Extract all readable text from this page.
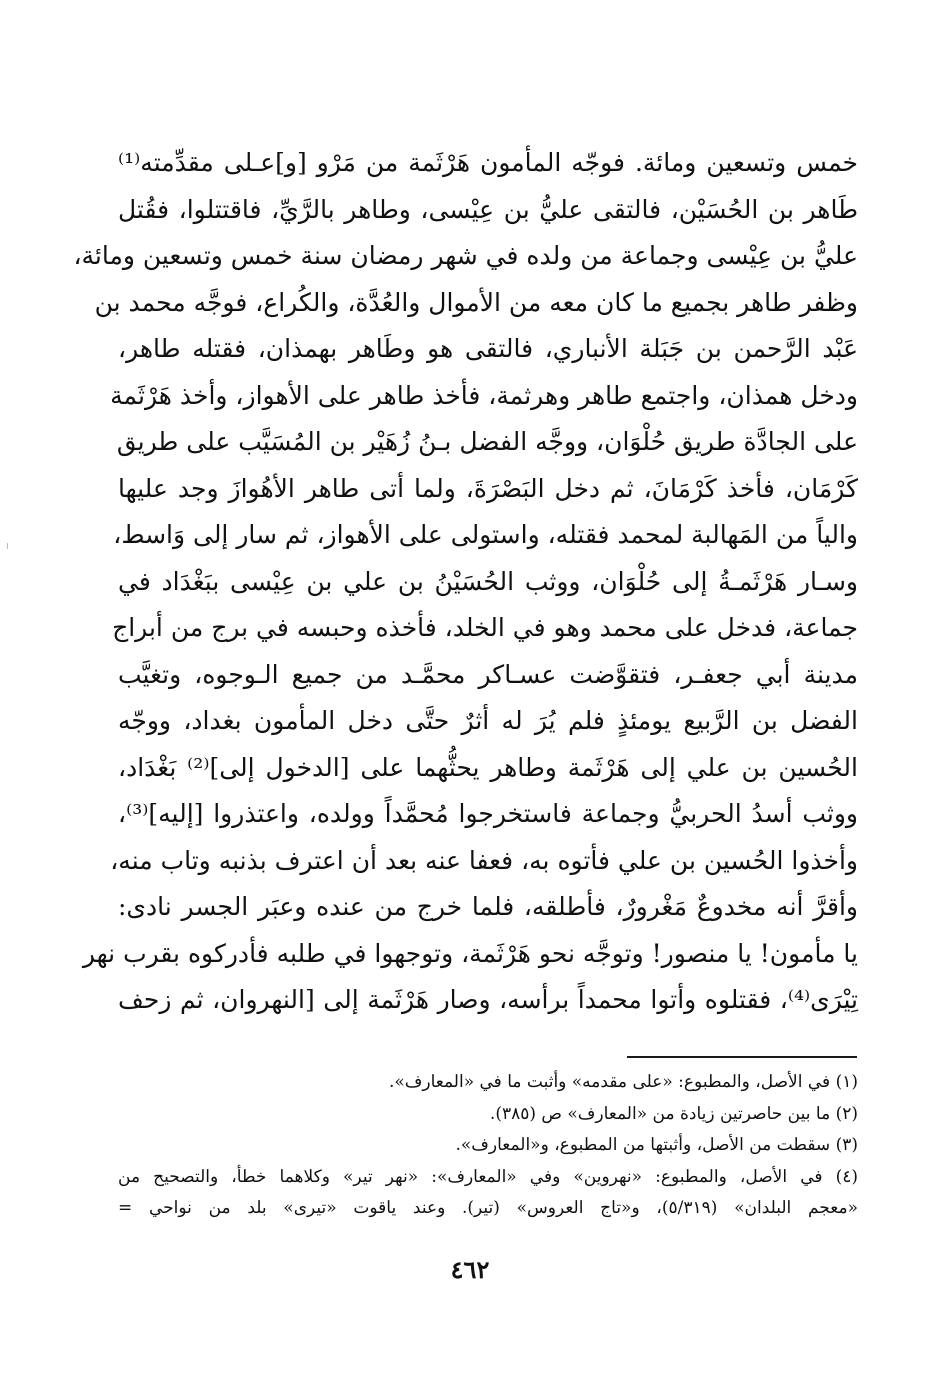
خمس وتسعين ومائة. فوجّه المأمون هَرْثَمة من مَرْو [و]عـلى مقدِّمته⁽¹⁾
طَاهر بن الحُسَيْن، فالتقى عليُّ بن عِيْسى، وطاهر بالرَّيِّ، فاقتتلوا، فقُتل
عليُّ بن عِيْسى وجماعة من ولده في شهر رمضان سنة خمس وتسعين ومائة،
وظفر طاهر بجميع ما كان معه من الأموال والعُدَّة، والكُراع، فوجَّه محمد بن
عَبْد الرَّحمن بن جَبَلة الأنباري، فالتقى هو وطَاهر بهمذان، فقتله طاهر،
ودخل همذان، واجتمع طاهر وهرثمة، فأخذ طاهر على الأهواز، وأخذ هَرْثَمة
على الجادَّة طريق حُلْوَان، ووجَّه الفضل بـنُ زُهَيْر بن المُسَيَّب على طريق
كَرْمَان، فأخذ كَرْمَانَ، ثم دخل البَصْرَةَ، ولما أتى طاهر الأهُوازَ وجد عليها
والياً من المَهالبة لمحمد فقتله، واستولى على الأهواز، ثم سار إلى وَاسط،
وسـار هَرْثَمـةُ إلى حُلْوَان، ووثب الحُسَيْنُ بن علي بن عِيْسى ببَغْدَاد في
جماعة، فدخل على محمد وهو في الخلد، فأخذه وحبسه في برج من أبراج
مدينة أبي جعفـر، فتقوَّضت عسـاكر محمَّـد من جميع الـوجوه، وتغيَّب
الفضل بن الرَّبيع يومئذٍ فلم يُرَ له أثرٌ حتَّى دخل المأمون بغداد، ووجّه
الحُسين بن علي إلى هَرْثَمة وطاهر يحثُّهما على [الدخول إلى]⁽²⁾ بَغْدَاد،
ووثب أسدُ الحربيُّ وجماعة فاستخرجوا مُحمَّداً وولده، واعتذروا [إليه]⁽³⁾،
وأخذوا الحُسين بن علي فأتوه به، فعفا عنه بعد أن اعترف بذنبه وتاب منه،
وأقرَّ أنه مخدوعٌ مَغْرورٌ، فأطلقه، فلما خرج من عنده وعبَر الجسر نادى:
يا مأمون! يا منصور! وتوجَّه نحو هَرْثَمة، وتوجهوا في طلبه فأدركوه بقرب نهر
تِيْرَى⁽⁴⁾، فقتلوه وأتوا محمداً برأسه، وصار هَرْثَمة إلى [النهروان، ثم زحف
(١) في الأصل، والمطبوع: «على مقدمه» وأثبت ما في «المعارف».
(٢) ما بين حاصرتين زيادة من «المعارف» ص (٣٨٥).
(٣) سقطت من الأصل، وأثبتها من المطبوع، و«المعارف».
(٤) في الأصل، والمطبوع: «نهروين» وفي «المعارف»: «نهر تير» وكلاهما خطأ، والتصحيح من
«معجم البلدان» (٥/٣١٩)، و«تاج العروس» (تير). وعند ياقوت «تيرى» بلد من نواحي =
٤٦٢
